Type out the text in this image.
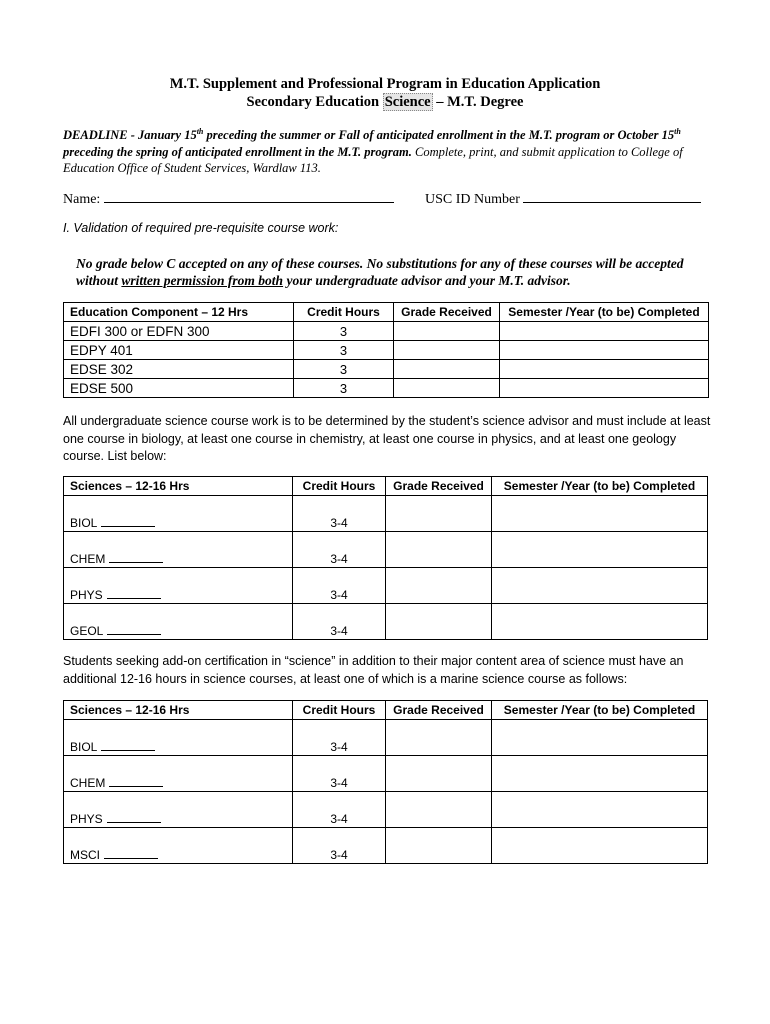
M.T. Supplement and Professional Program in Education Application
Secondary Education Science – M.T. Degree
DEADLINE - January 15th preceding the summer or Fall of anticipated enrollment in the M.T. program or October 15th preceding the spring of anticipated enrollment in the M.T. program. Complete, print, and submit application to College of Education Office of Student Services, Wardlaw 113.
Name:	USC ID Number
I. Validation of required pre-requisite course work:
No grade below C accepted on any of these courses. No substitutions for any of these courses will be accepted without written permission from both your undergraduate advisor and your M.T. advisor.
Education Component – 12 Hrs	Credit Hours	Grade Received	Semester /Year (to be) Completed
EDFI 300 or EDFN 300	3		
EDPY 401	3		
EDSE 302	3		
EDSE 500	3		
All undergraduate science course work is to be determined by the student’s science advisor and must include at least one course in biology, at least one course in chemistry, at least one course in physics, and at least one geology course. List below:
Sciences – 12-16 Hrs	Credit Hours	Grade Received	Semester /Year (to be) Completed
BIOL	3-4		
CHEM	3-4		
PHYS	3-4		
GEOL	3-4		
Students seeking add-on certification in “science” in addition to their major content area of science must have an additional 12-16 hours in science courses, at least one of which is a marine science course as follows:
Sciences – 12-16 Hrs	Credit Hours	Grade Received	Semester /Year (to be) Completed
BIOL	3-4		
CHEM	3-4		
PHYS	3-4		
MSCI	3-4		
